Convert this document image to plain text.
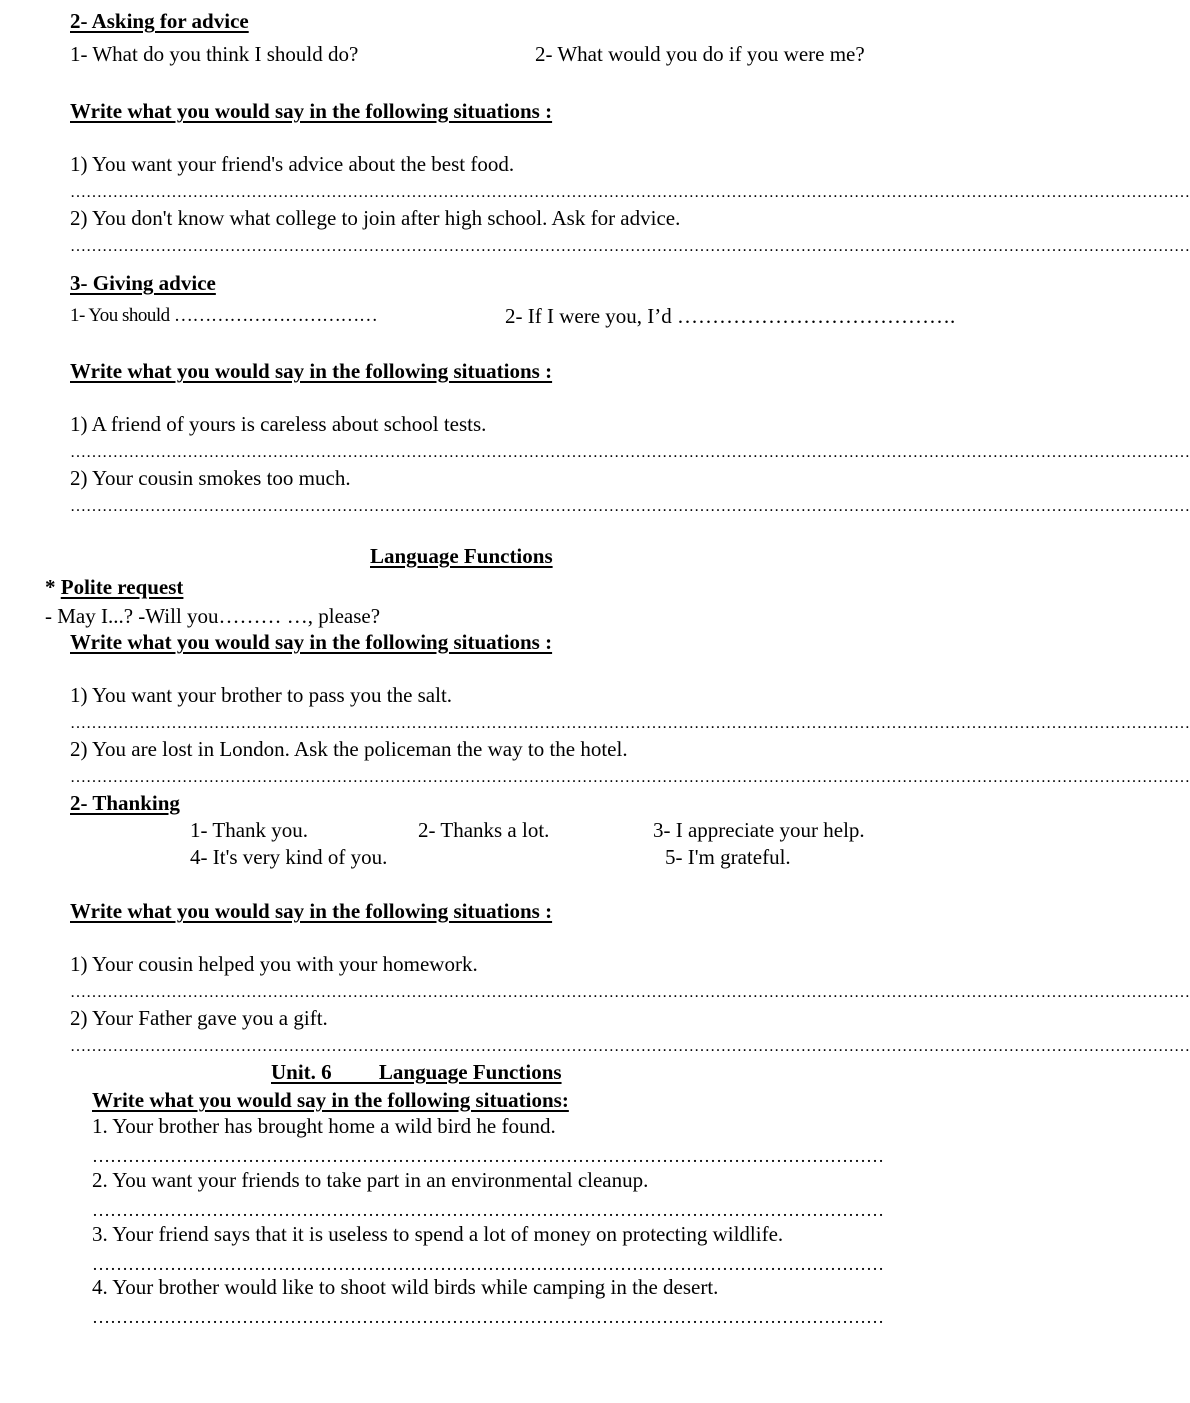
2- Asking for advice
1- What do you think I should do?	2- What would you do if you were me?
Write what you would say in the following situations :
1) You want your friend's advice about the best food.
…………………………………………………………………………………………………………………………………………………………………………………………
2) You don't know what college to join after high school. Ask for advice.
…………………………………………………………………………………………………………………………………………………………………………………………
3- Giving advice
1- You should ……………………………	2- If I were you, I’d ………………………………….
Write what you would say in the following situations :
1) A friend of yours is careless about school tests.
…………………………………………………………………………………………………………………………………………………………………………………………
2) Your cousin smokes too much.
…………………………………………………………………………………………………………………………………………………………………………………………
Language Functions
* Polite request
- May I...? -Will you……… …, please?
Write what you would say in the following situations :
1) You want your brother to pass you the salt.
…………………………………………………………………………………………………………………………………………………………………………………………
2) You are lost in London. Ask the policeman the way to the hotel.
…………………………………………………………………………………………………………………………………………………………………………………………
2- Thanking
1- Thank you.	2- Thanks a lot.	3- I appreciate your help.
4- It's very kind of you.	5- I'm grateful.
Write what you would say in the following situations :
1) Your cousin helped you with your homework.
…………………………………………………………………………………………………………………………………………………………………………………………
2) Your Father gave you a gift.
…………………………………………………………………………………………………………………………………………………………………………………………
Unit. 6         Language Functions
Write what you would say in the following situations:
1. Your brother has brought home a wild bird he found.
……………………………………………………………………………………………………………………
2. You want your friends to take part in an environmental cleanup.
……………………………………………………………………………………………………………………
3. Your friend says that it is useless to spend a lot of money on protecting wildlife.
……………………………………………………………………………………………………………………
4. Your brother would like to shoot wild birds while camping in the desert.
……………………………………………………………………………………………………………………
